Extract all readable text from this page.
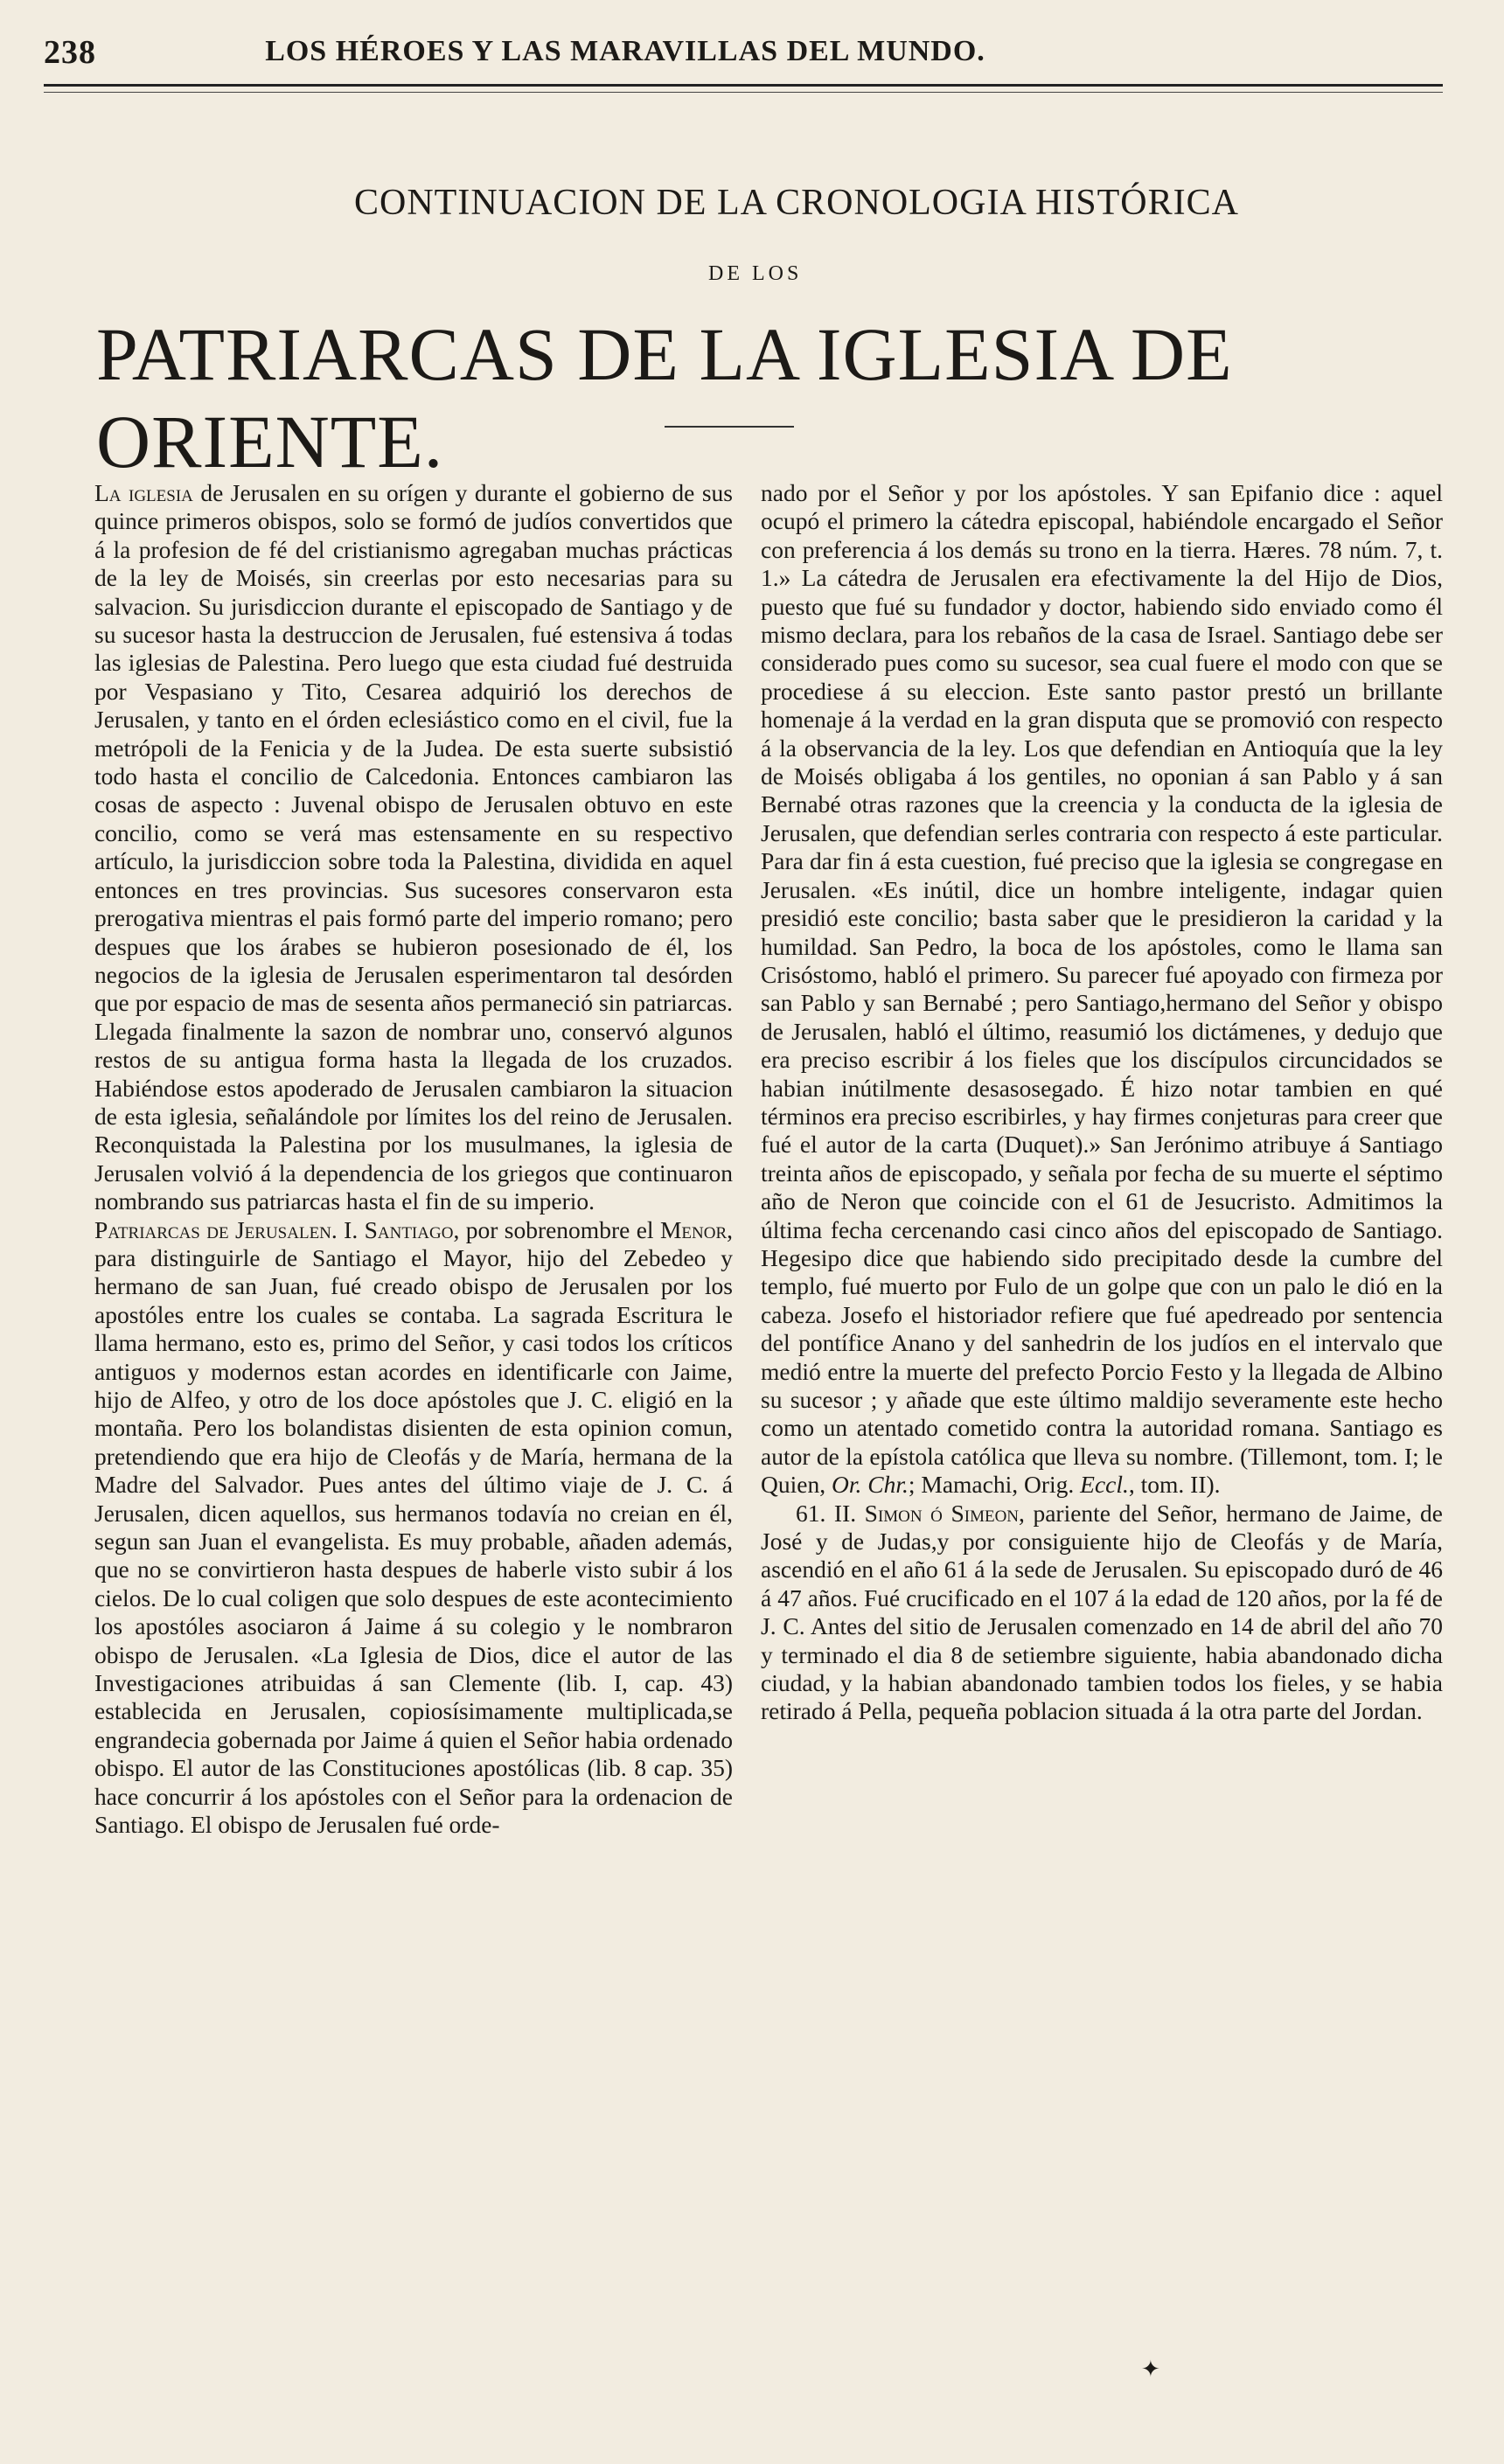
238	LOS HÉROES Y LAS MARAVILLAS DEL MUNDO.
CONTINUACION DE LA CRONOLOGIA HISTÓRICA
DE LOS
PATRIARCAS DE LA IGLESIA DE ORIENTE.

La iglesia de Jerusalen en su orígen y durante el gobierno de sus quince primeros obispos, solo se formó de judíos convertidos que á la profesion de fé del cristianismo agregaban muchas prácticas de la ley de Moisés, sin creerlas por esto necesarias para su salvacion. Su jurisdiccion durante el episcopado de Santiago y de su sucesor hasta la destruccion de Jerusalen, fué estensiva á todas las iglesias de Palestina. Pero luego que esta ciudad fué destruida por Vespasiano y Tito, Cesarea adquirió los derechos de Jerusalen, y tanto en el órden eclesiástico como en el civil, fue la metrópoli de la Fenicia y de la Judea. De esta suerte subsistió todo hasta el concilio de Calcedonia. Entonces cambiaron las cosas de aspecto : Juvenal obispo de Jerusalen obtuvo en este concilio, como se verá mas estensamente en su respectivo artículo, la jurisdiccion sobre toda la Palestina, dividida en aquel entonces en tres provincias. Sus sucesores conservaron esta prerogativa mientras el pais formó parte del imperio romano; pero despues que los árabes se hubieron posesionado de él, los negocios de la iglesia de Jerusalen esperimentaron tal desórden que por espacio de mas de sesenta años permaneció sin patriarcas. Llegada finalmente la sazon de nombrar uno, conservó algunos restos de su antigua forma hasta la llegada de los cruzados. Habiéndose estos apoderado de Jerusalen cambiaron la situacion de esta iglesia, señalándole por límites los del reino de Jerusalen. Reconquistada la Palestina por los musulmanes, la iglesia de Jerusalen volvió á la dependencia de los griegos que continuaron nombrando sus patriarcas hasta el fin de su imperio.

Patriarcas de Jerusalen. I. Santiago, por sobrenombre el Menor, para distinguirle de Santiago el Mayor, hijo del Zebedeo y hermano de san Juan, fué creado obispo de Jerusalen por los apostóles entre los cuales se contaba. La sagrada Escritura le llama hermano, esto es, primo del Señor, y casi todos los críticos antiguos y modernos estan acordes en identificarle con Jaime, hijo de Alfeo, y otro de los doce apóstoles que J. C. eligió en la montaña. Pero los bolandistas disienten de esta opinion comun, pretendiendo que era hijo de Cleofás y de María, hermana de la Madre del Salvador. Pues antes del último viaje de J. C. á Jerusalen, dicen aquellos, sus hermanos todavía no creian en él, segun san Juan el evangelista. Es muy probable, añaden además, que no se convirtieron hasta despues de haberle visto subir á los cielos. De lo cual coligen que solo despues de este acontecimiento los apostóles asociaron á Jaime á su colegio y le nombraron obispo de Jerusalen. «La Iglesia de Dios, dice el autor de las Investigaciones atribuidas á san Clemente (lib. I, cap. 43) establecida en Jerusalen, copiosísimamente multiplicada,se engrandecia gobernada por Jaime á quien el Señor habia ordenado obispo. El autor de las Constituciones apostólicas (lib. 8 cap. 35) hace concurrir á los apóstoles con el Señor para la ordenacion de Santiago. El obispo de Jerusalen fué orde-

nado por el Señor y por los apóstoles. Y san Epifanio dice : aquel ocupó el primero la cátedra episcopal, habiéndole encargado el Señor con preferencia á los demás su trono en la tierra. Hæres. 78 núm. 7, t. 1.» La cátedra de Jerusalen era efectivamente la del Hijo de Dios, puesto que fué su fundador y doctor, habiendo sido enviado como él mismo declara, para los rebaños de la casa de Israel. Santiago debe ser considerado pues como su sucesor, sea cual fuere el modo con que se procediese á su eleccion. Este santo pastor prestó un brillante homenaje á la verdad en la gran disputa que se promovió con respecto á la observancia de la ley. Los que defendian en Antioquía que la ley de Moisés obligaba á los gentiles, no oponian á san Pablo y á san Bernabé otras razones que la creencia y la conducta de la iglesia de Jerusalen, que defendian serles contraria con respecto á este particular. Para dar fin á esta cuestion, fué preciso que la iglesia se congregase en Jerusalen. «Es inútil, dice un hombre inteligente, indagar quien presidió este concilio; basta saber que le presidieron la caridad y la humildad. San Pedro, la boca de los apóstoles, como le llama san Crisóstomo, habló el primero. Su parecer fué apoyado con firmeza por san Pablo y san Bernabé ; pero Santiago,hermano del Señor y obispo de Jerusalen, habló el último, reasumió los dictámenes, y dedujo que era preciso escribir á los fieles que los discípulos circuncidados se habian inútilmente desasosegado. É hizo notar tambien en qué términos era preciso escribirles, y hay firmes conjeturas para creer que fué el autor de la carta (Duquet).» San Jerónimo atribuye á Santiago treinta años de episcopado, y señala por fecha de su muerte el séptimo año de Neron que coincide con el 61 de Jesucristo. Admitimos la última fecha cercenando casi cinco años del episcopado de Santiago. Hegesipo dice que habiendo sido precipitado desde la cumbre del templo, fué muerto por Fulo de un golpe que con un palo le dió en la cabeza. Josefo el historiador refiere que fué apedreado por sentencia del pontífice Anano y del sanhedrin de los judíos en el intervalo que medió entre la muerte del prefecto Porcio Festo y la llegada de Albino su sucesor ; y añade que este último maldijo severamente este hecho como un atentado cometido contra la autoridad romana. Santiago es autor de la epístola católica que lleva su nombre. (Tillemont, tom. I; le Quien, Or. Chr.; Mamachi, Orig. Eccl., tom. II).

61. II. Simon ó Simeon, pariente del Señor, hermano de Jaime, de José y de Judas,y por consiguiente hijo de Cleofás y de María, ascendió en el año 61 á la sede de Jerusalen. Su episcopado duró de 46 á 47 años. Fué crucificado en el 107 á la edad de 120 años, por la fé de J. C. Antes del sitio de Jerusalen comenzado en 14 de abril del año 70 y terminado el dia 8 de setiembre siguiente, habia abandonado dicha ciudad, y la habian abandonado tambien todos los fieles, y se habia retirado á Pella, pequeña poblacion situada á la otra parte del Jordan.

✦
